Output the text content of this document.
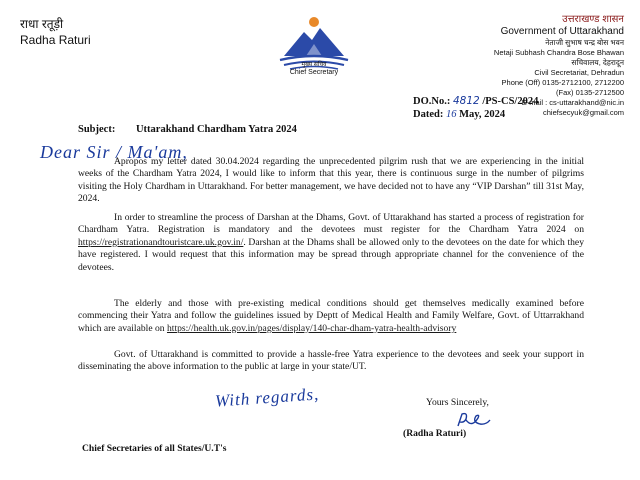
राधा रतूड़ी
Radha Raturi
मुख्य सचिव
Chief Secretary
उत्तराखण्ड शासन
Government of Uttarakhand
नेताजी सुभाष चन्द्र बोस भवन
Netaji Subhash Chandra Bose Bhawan
सचिवालय, देहरादून
Civil Secretariat, Dehradun
Phone (Off) 0135-2712100, 2712200
(Fax) 0135-2712500
E-mail : cs-uttarakhand@nic.in
chiefsecyuk@gmail.com
DO.No.: 4812 /PS-CS/2024
Dated: 16 May, 2024
Subject: Uttarakhand Chardham Yatra 2024
Dear Sir / Ma'am,
Apropos my letter dated 30.04.2024 regarding the unprecedented pilgrim rush that we are experiencing in the initial weeks of the Chardham Yatra 2024, I would like to inform that this year, there is continuous surge in the number of pilgrims visiting the Holy Chardham in Uttarakhand. For better management, we have decided not to have any “VIP Darshan” till 31st May, 2024.
In order to streamline the process of Darshan at the Dhams, Govt. of Uttarakhand has started a process of registration for Chardham Yatra. Registration is mandatory and the devotees must register for the Chardham Yatra 2024 on https://registrationandtouristcare.uk.gov.in/. Darshan at the Dhams shall be allowed only to the devotees on the date for which they have registered. I would request that this information may be spread through appropriate channel for the convenience of the devotees.
The elderly and those with pre-existing medical conditions should get themselves medically examined before commencing their Yatra and follow the guidelines issued by Deptt of Medical Health and Family Welfare, Govt. of Uttarrakhand which are available on https://health.uk.gov.in/pages/display/140-char-dham-yatra-health-advisory
Govt. of Uttarakhand is committed to provide a hassle-free Yatra experience to the devotees and seek your support in disseminating the above information to the public at large in your state/UT.
With regards,	Yours Sincerely,
(Radha Raturi)
Chief Secretaries of all States/U.T's
